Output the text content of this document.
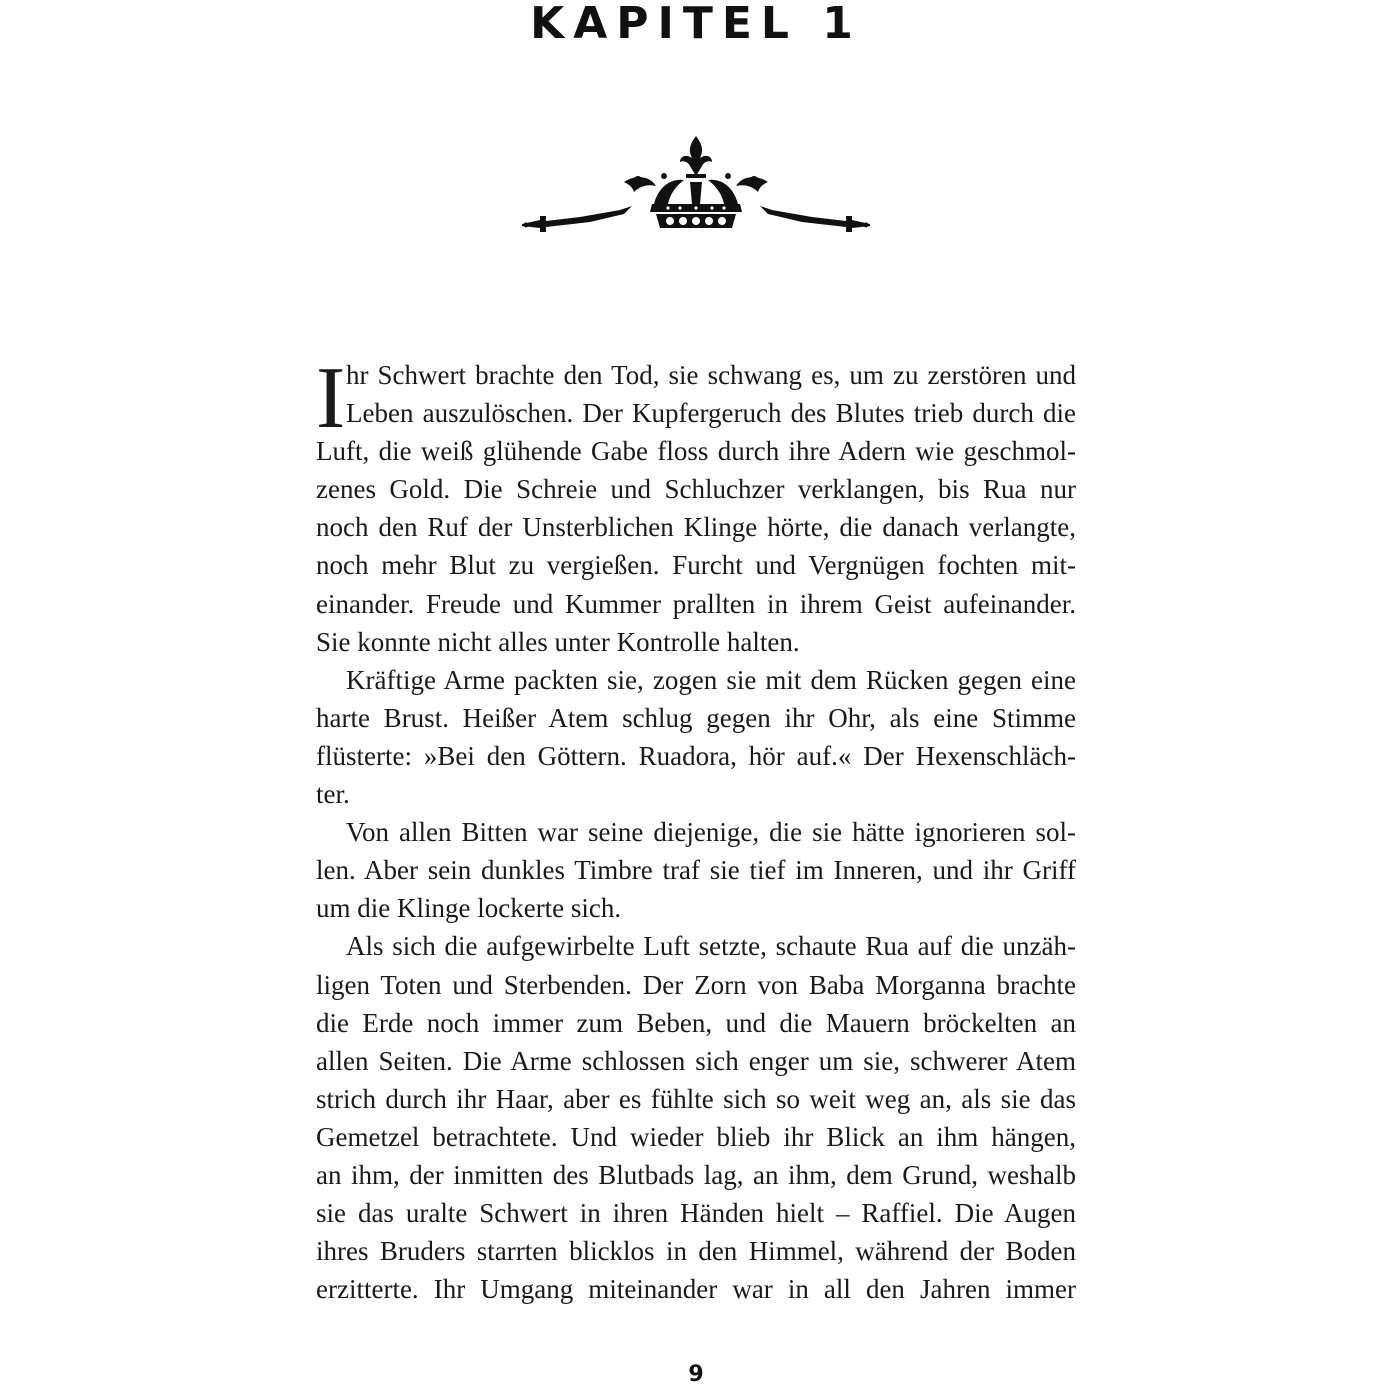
KAPITEL 1
I hr Schwert brachte den Tod, sie schwang es, um zu zerstören und
Leben auszulöschen. Der Kupfergeruch des Blutes trieb durch die
Luft, die weiß glühende Gabe floss durch ihre Adern wie geschmol-
zenes Gold. Die Schreie und Schluchzer verklangen, bis Rua nur
noch den Ruf der Unsterblichen Klinge hörte, die danach verlangte,
noch mehr Blut zu vergießen. Furcht und Vergnügen fochten mit-
einander. Freude und Kummer prallten in ihrem Geist aufeinander.
Sie konnte nicht alles unter Kontrolle halten.
Kräftige Arme packten sie, zogen sie mit dem Rücken gegen eine
harte Brust. Heißer Atem schlug gegen ihr Ohr, als eine Stimme
flüsterte: »Bei den Göttern. Ruadora, hör auf.« Der Hexenschläch-
ter.
Von allen Bitten war seine diejenige, die sie hätte ignorieren sol-
len. Aber sein dunkles Timbre traf sie tief im Inneren, und ihr Griff
um die Klinge lockerte sich.
Als sich die aufgewirbelte Luft setzte, schaute Rua auf die unzäh-
ligen Toten und Sterbenden. Der Zorn von Baba Morganna brachte
die Erde noch immer zum Beben, und die Mauern bröckelten an
allen Seiten. Die Arme schlossen sich enger um sie, schwerer Atem
strich durch ihr Haar, aber es fühlte sich so weit weg an, als sie das
Gemetzel betrachtete. Und wieder blieb ihr Blick an ihm hängen,
an ihm, der inmitten des Blutbads lag, an ihm, dem Grund, weshalb
sie das uralte Schwert in ihren Händen hielt – Raffiel. Die Augen
ihres Bruders starrten blicklos in den Himmel, während der Boden
erzitterte. Ihr Umgang miteinander war in all den Jahren immer
9
